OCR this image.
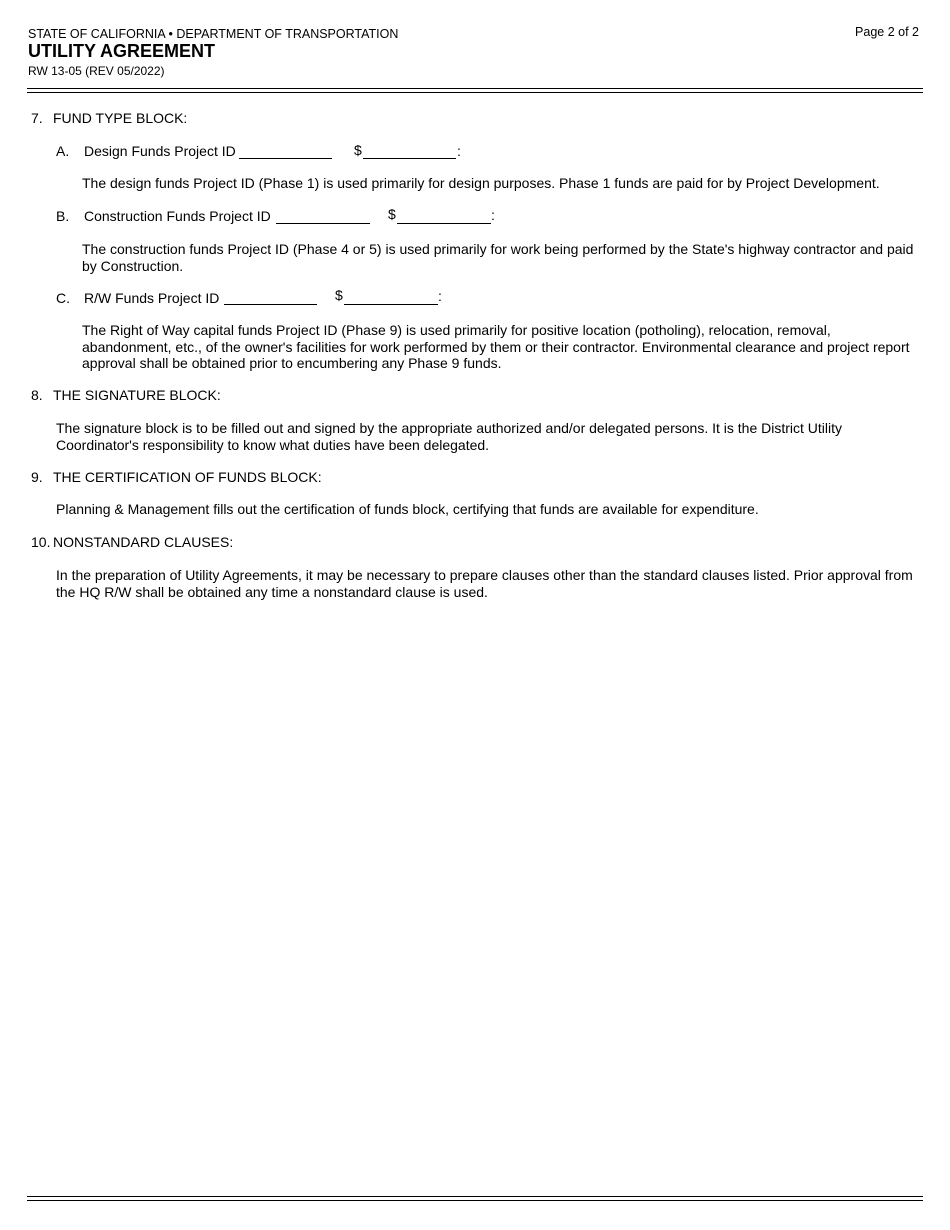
STATE OF CALIFORNIA • DEPARTMENT OF TRANSPORTATION
UTILITY AGREEMENT
RW 13-05 (REV 05/2022)
Page 2 of 2
7. FUND TYPE BLOCK:
A. Design Funds Project ID	$	:
The design funds Project ID (Phase 1) is used primarily for design purposes. Phase 1 funds are paid for by Project Development.
B. Construction Funds Project ID	$	:
The construction funds Project ID (Phase 4 or 5) is used primarily for work being performed by the State's highway contractor and paid by Construction.
C. R/W Funds Project ID	$	:
The Right of Way capital funds Project ID (Phase 9) is used primarily for positive location (potholing), relocation, removal, abandonment, etc., of the owner's facilities for work performed by them or their contractor. Environmental clearance and project report approval shall be obtained prior to encumbering any Phase 9 funds.
8. THE SIGNATURE BLOCK:
The signature block is to be filled out and signed by the appropriate authorized and/or delegated persons. It is the District Utility Coordinator's responsibility to know what duties have been delegated.
9. THE CERTIFICATION OF FUNDS BLOCK:
Planning & Management fills out the certification of funds block, certifying that funds are available for expenditure.
10. NONSTANDARD CLAUSES:
In the preparation of Utility Agreements, it may be necessary to prepare clauses other than the standard clauses listed. Prior approval from the HQ R/W shall be obtained any time a nonstandard clause is used.
